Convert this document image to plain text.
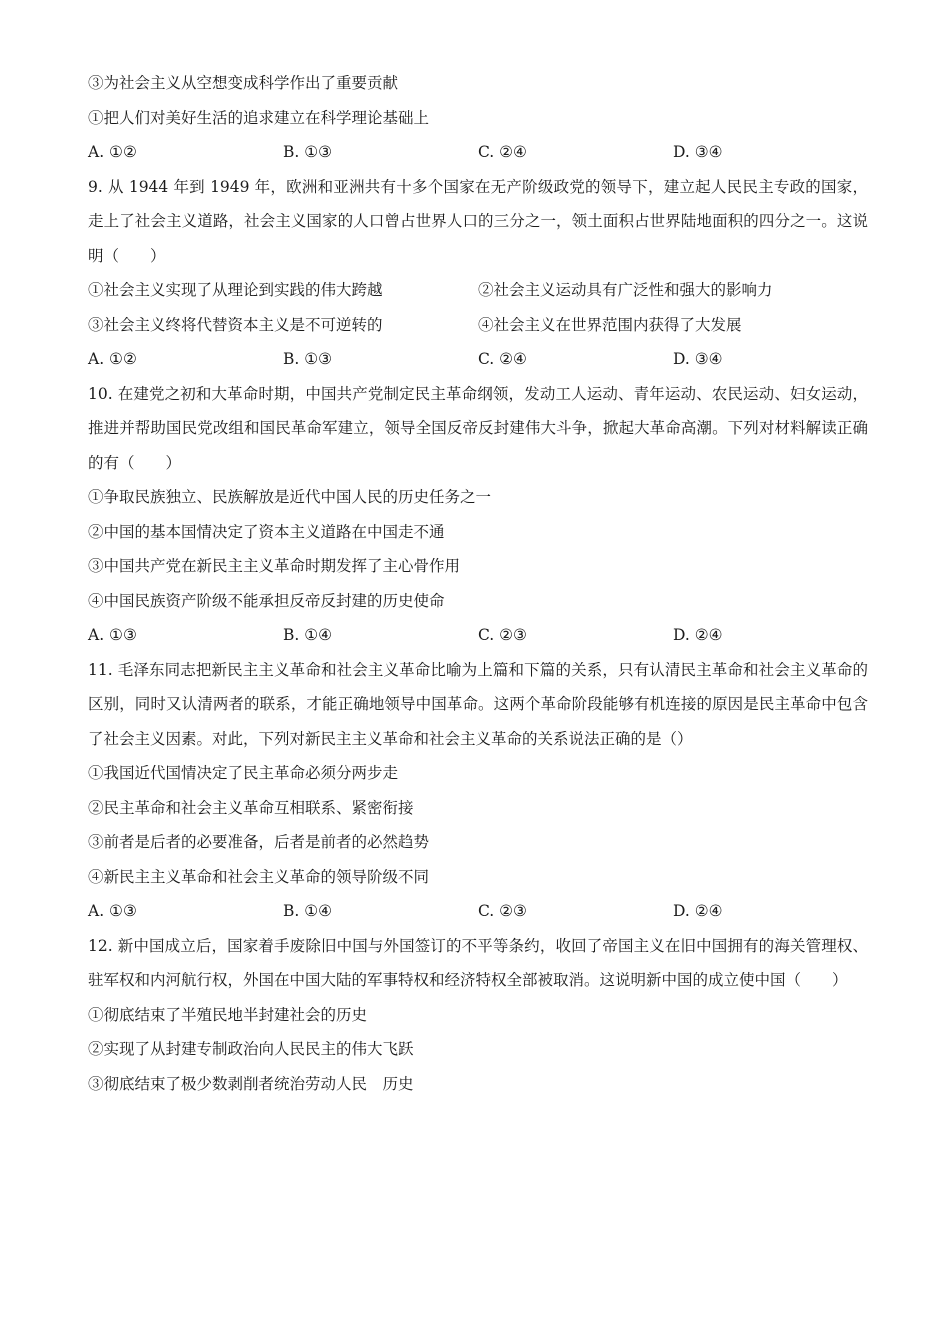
③为社会主义从空想变成科学作出了重要贡献
①把人们对美好生活的追求建立在科学理论基础上
A. ①②	B. ①③	C. ②④	D. ③④
9. 从 1944 年到 1949 年，欧洲和亚洲共有十多个国家在无产阶级政党的领导下，建立起人民民主专政的国家，走上了社会主义道路，社会主义国家的人口曾占世界人口的三分之一，领土面积占世界陆地面积的四分之一。这说明（　　）
①社会主义实现了从理论到实践的伟大跨越	②社会主义运动具有广泛性和强大的影响力
③社会主义终将代替资本主义是不可逆转的	④社会主义在世界范围内获得了大发展
A. ①②	B. ①③	C. ②④	D. ③④
10. 在建党之初和大革命时期，中国共产党制定民主革命纲领，发动工人运动、青年运动、农民运动、妇女运动，推进并帮助国民党改组和国民革命军建立，领导全国反帝反封建伟大斗争，掀起大革命高潮。下列对材料解读正确的有（　　）
①争取民族独立、民族解放是近代中国人民的历史任务之一
②中国的基本国情决定了资本主义道路在中国走不通
③中国共产党在新民主主义革命时期发挥了主心骨作用
④中国民族资产阶级不能承担反帝反封建的历史使命
A. ①③	B. ①④	C. ②③	D. ②④
11. 毛泽东同志把新民主主义革命和社会主义革命比喻为上篇和下篇的关系，只有认清民主革命和社会主义革命的区别，同时又认清两者的联系，才能正确地领导中国革命。这两个革命阶段能够有机连接的原因是民主革命中包含了社会主义因素。对此，下列对新民主主义革命和社会主义革命的关系说法正确的是（）
①我国近代国情决定了民主革命必须分两步走
②民主革命和社会主义革命互相联系、紧密衔接
③前者是后者的必要准备，后者是前者的必然趋势
④新民主主义革命和社会主义革命的领导阶级不同
A. ①③	B. ①④	C. ②③	D. ②④
12. 新中国成立后，国家着手废除旧中国与外国签订的不平等条约，收回了帝国主义在旧中国拥有的海关管理权、驻军权和内河航行权，外国在中国大陆的军事特权和经济特权全部被取消。这说明新中国的成立使中国（　　）
①彻底结束了半殖民地半封建社会的历史
②实现了从封建专制政治向人民民主的伟大飞跃
③彻底结束了极少数剥削者统治劳动人民　历史
